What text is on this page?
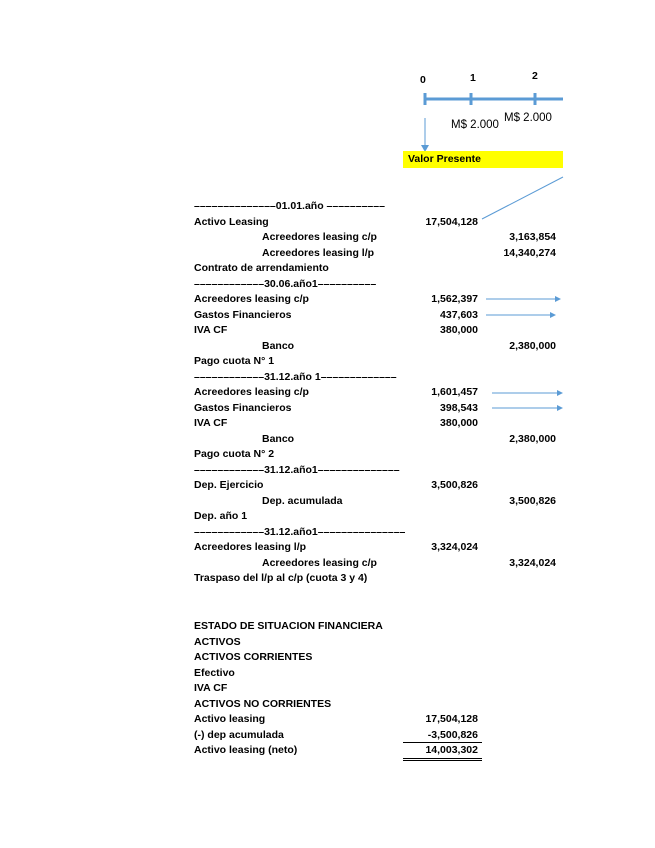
0	1	2
M$ 2.000
M$ 2.000
Valor Presente
––––––––––––––01.01.año ––––––––––
Activo Leasing	17,504,128
Acreedores leasing c/p	3,163,854
Acreedores leasing l/p	14,340,274
Contrato de arrendamiento
––––––––––––30.06.año1––––––––––
Acreedores leasing c/p	1,562,397
Gastos Financieros	437,603
IVA CF	380,000
Banco	2,380,000
Pago cuota N° 1
––––––––––––31.12.año 1–––––––––––––
Acreedores leasing c/p	1,601,457
Gastos Financieros	398,543
IVA CF	380,000
Banco	2,380,000
Pago cuota N° 2
––––––––––––31.12.año1––––––––––––––
Dep. Ejercicio	3,500,826
Dep. acumulada	3,500,826
Dep. año 1
––––––––––––31.12.año1–––––––––––––––
Acreedores leasing l/p	3,324,024
Acreedores leasing c/p	3,324,024
Traspaso del l/p al c/p (cuota 3 y 4)
ESTADO DE SITUACION FINANCIERA
ACTIVOS
ACTIVOS CORRIENTES
Efectivo
IVA CF
ACTIVOS NO CORRIENTES
Activo leasing	17,504,128
(-) dep acumulada	-3,500,826
Activo leasing (neto)	14,003,302
